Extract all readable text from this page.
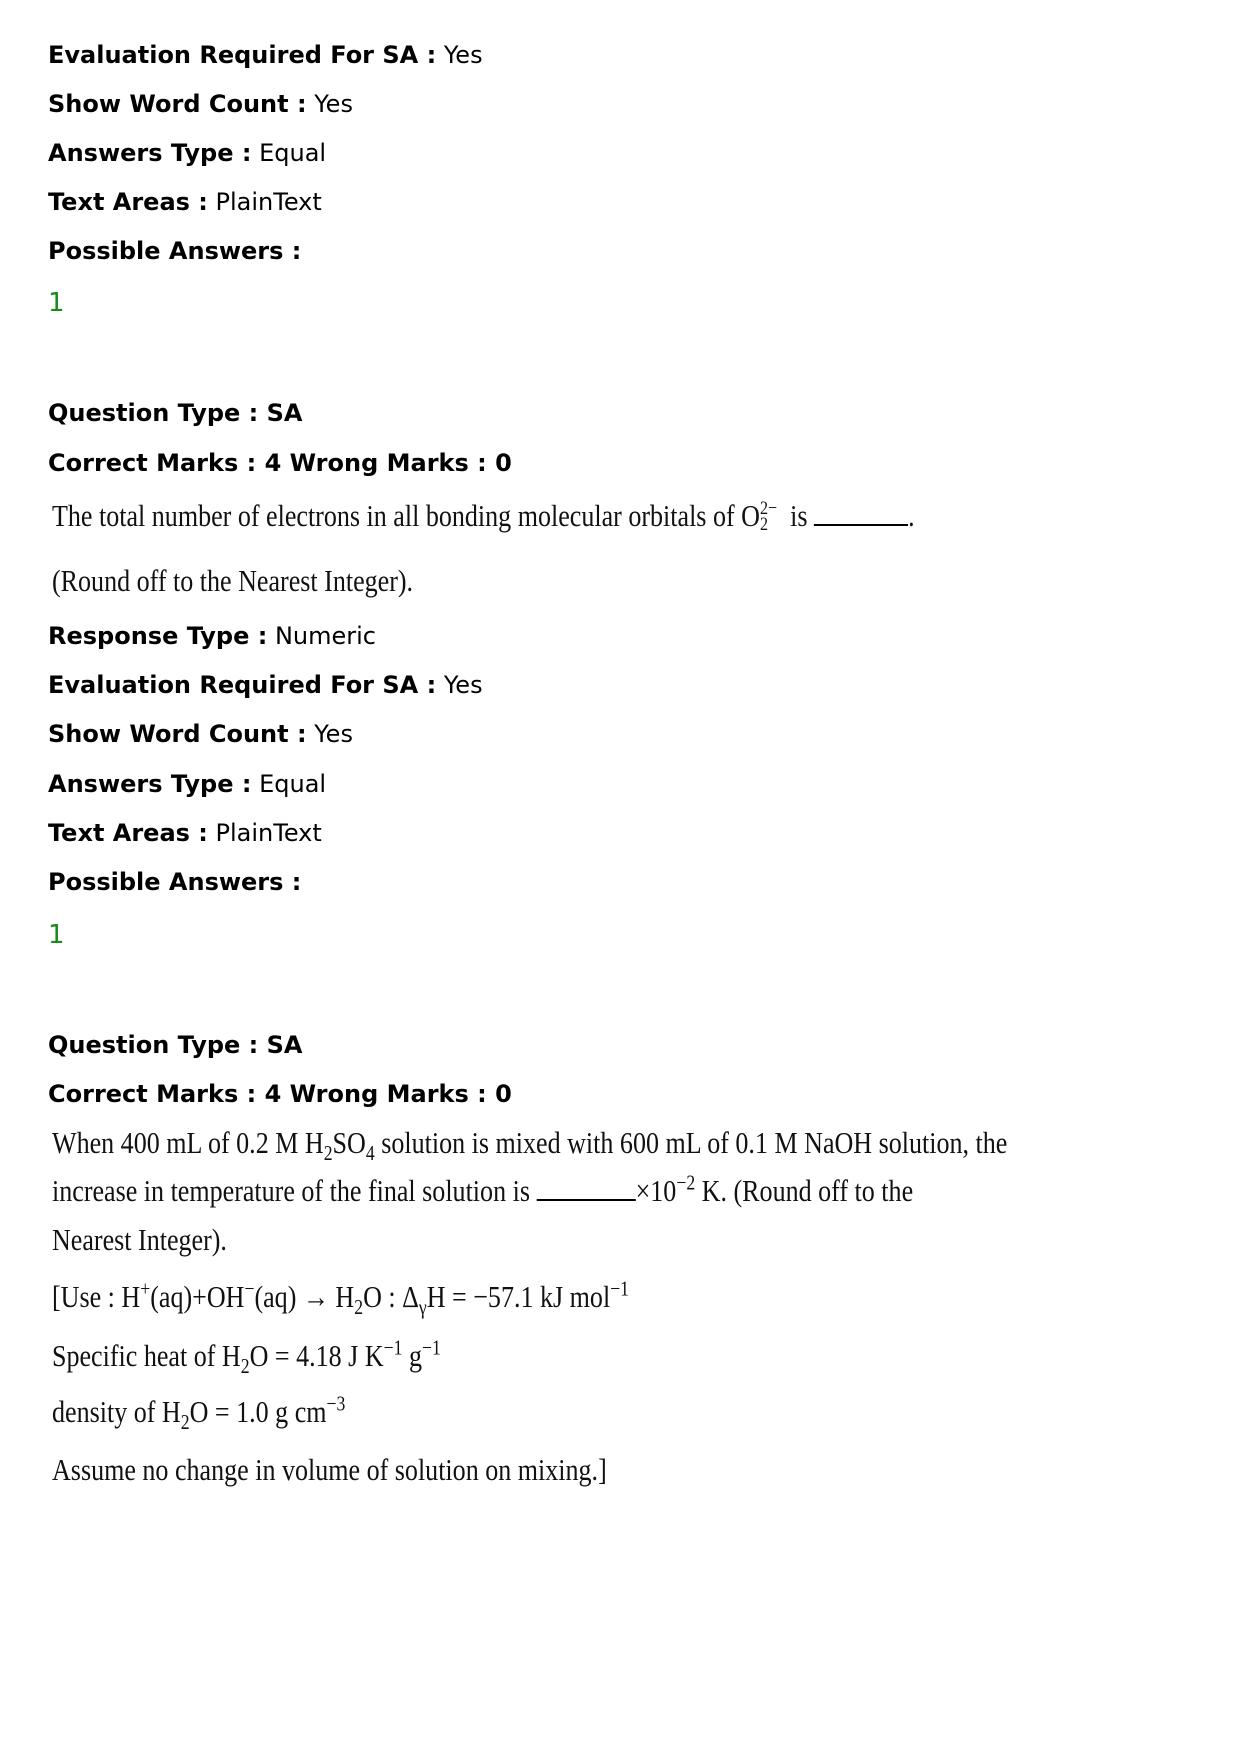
Evaluation Required For SA : Yes
Show Word Count : Yes
Answers Type : Equal
Text Areas : PlainText
Possible Answers :
1
Question Type : SA
Correct Marks : 4 Wrong Marks : 0
The total number of electrons in all bonding molecular orbitals of O 2−
2 is	.
(Round off to the Nearest Integer).
Response Type : Numeric
Evaluation Required For SA : Yes
Show Word Count : Yes
Answers Type : Equal
Text Areas : PlainText
Possible Answers :
1
Question Type : SA
Correct Marks : 4 Wrong Marks : 0
When 400 mL of 0.2 M $H_2SO_4$ solution is mixed with 600 mL of 0.1 M NaOH solution, the
increase in temperature of the final solution is	$\times 10^{-2}$ K. (Round off to the
Nearest Integer).
[Use : $H^+(aq)+OH^-(aq) \to H_2O$ : $\Delta_\gamma H = -57.1$ kJ mol$^{-1}$
Specific heat of $H_2O = 4.18$ J $K^{-1}$ $g^{-1}$
density of $H_2O = 1.0$ g $cm^{-3}$
Assume no change in volume of solution on mixing.]
